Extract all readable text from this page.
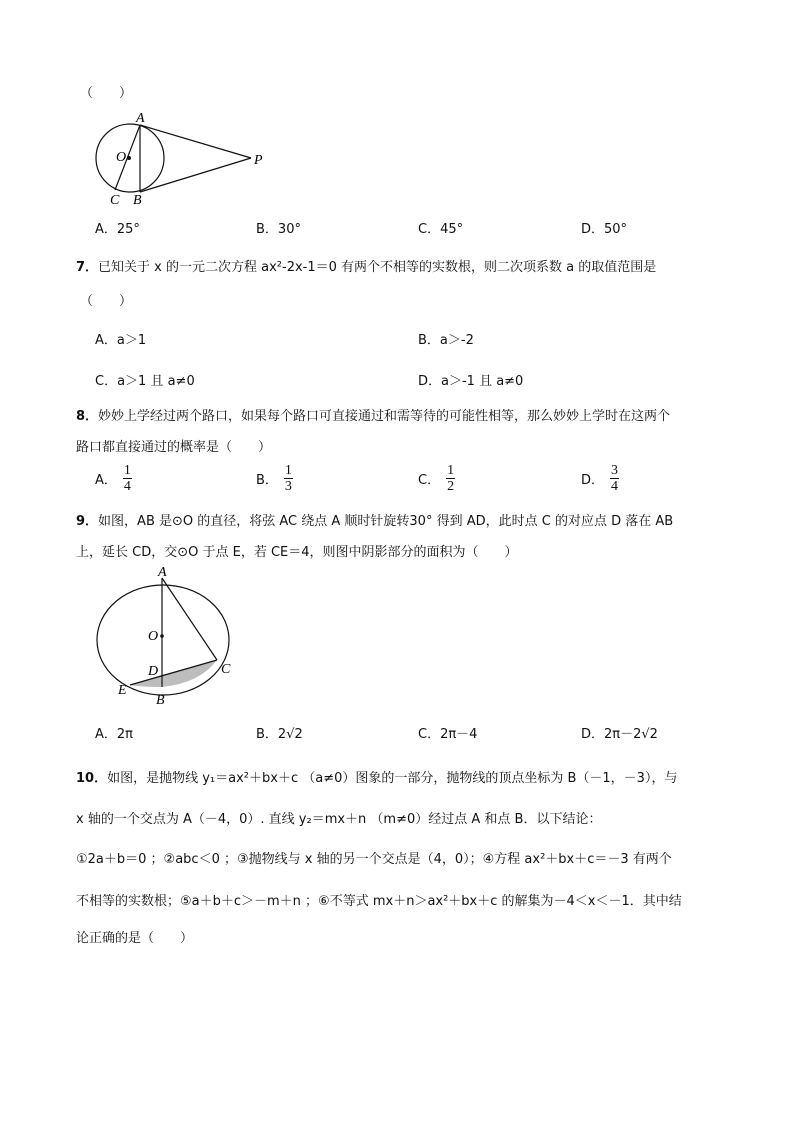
（　　）
A
O	P
C B
A．25°	B．30°	C．45°	D．50°
7．已知关于 x 的一元二次方程 ax²-2x-1＝0 有两个不相等的实数根，则二次项系数 a 的取值范围是
（　　）
A．a＞1	B．a＞-2
C．a＞1 且 a≠0	D．a＞-1 且 a≠0
8．妙妙上学经过两个路口，如果每个路口可直接通过和需等待的可能性相等，那么妙妙上学时在这两个
路口都直接通过的概率是（　　）
A． $\frac{1}{4}$	B． $\frac{1}{3}$	C． $\frac{1}{2}$	D． $\frac{3}{4}$
9．如图，AB 是⊙O 的直径，将弦 AC 绕点 A 顺时针旋转30° 得到 AD，此时点 C 的对应点 D 落在 AB
上，延长 CD，交⊙O 于点 E，若 CE＝4，则图中阴影部分的面积为（　　）
A
O
D	C
E
B
A．2π	B．2√2	C．2π－4	D．2π－2√2
10．如图，是抛物线 y₁＝ax²＋bx＋c （a≠0）图象的一部分，抛物线的顶点坐标为 B（－1，－3），与
x 轴的一个交点为 A（－4，0）. 直线 y₂＝mx＋n （m≠0）经过点 A 和点 B．以下结论：
①2a＋b＝0 ；②abc＜0 ；③抛物线与 x 轴的另一个交点是（4，0）；④方程 ax²＋bx＋c＝－3 有两个
不相等的实数根；⑤a＋b＋c＞－m＋n ；⑥不等式 mx＋n＞ax²＋bx＋c 的解集为－4＜x＜－1．其中结
论正确的是（　　）
